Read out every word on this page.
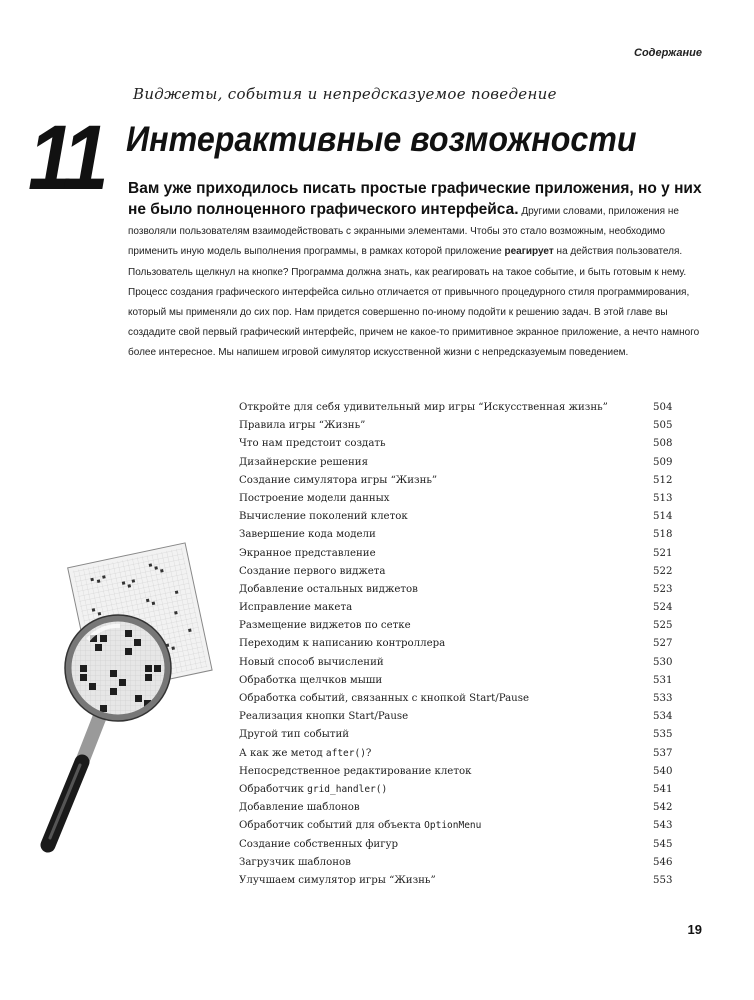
Содержание
Виджеты, события и непредсказуемое поведение
11 Интерактивные возможности
Вам уже приходилось писать простые графические приложения, но у них не было полноценного графического интерфейса. Другими словами, приложения не позволяли пользователям взаимодействовать с экранными элементами. Чтобы это стало возможным, необходимо применить иную модель выполнения программы, в рамках которой приложение реагирует на действия пользователя. Пользователь щелкнул на кнопке? Программа должна знать, как реагировать на такое событие, и быть готовым к нему. Процесс создания графического интерфейса сильно отличается от привычного процедурного стиля программирования, который мы применяли до сих пор. Нам придется совершенно по-иному подойти к решению задач. В этой главе вы создадите свой первый графический интерфейс, причем не какое-то примитивное экранное приложение, а нечто намного более интересное. Мы напишем игровой симулятор искусственной жизни с непредсказуемым поведением.
Откройте для себя удивительный мир игры “Искусственная жизнь”	504
Правила игры “Жизнь”	505
Что нам предстоит создать	508
Дизайнерские решения	509
Создание симулятора игры “Жизнь”	512
Построение модели данных	513
Вычисление поколений клеток	514
Завершение кода модели	518
Экранное представление	521
Создание первого виджета	522
Добавление остальных виджетов	523
Исправление макета	524
Размещение виджетов по сетке	525
Переходим к написанию контроллера	527
Новый способ вычислений	530
Обработка щелчков мыши	531
Обработка событий, связанных с кнопкой Start/Pause	533
Реализация кнопки Start/Pause	534
Другой тип событий	535
А как же метод after()?	537
Непосредственное редактирование клеток	540
Обработчик grid_handler()	541
Добавление шаблонов	542
Обработчик событий для объекта OptionMenu	543
Создание собственных фигур	545
Загрузчик шаблонов	546
Улучшаем симулятор игры “Жизнь”	553
19
